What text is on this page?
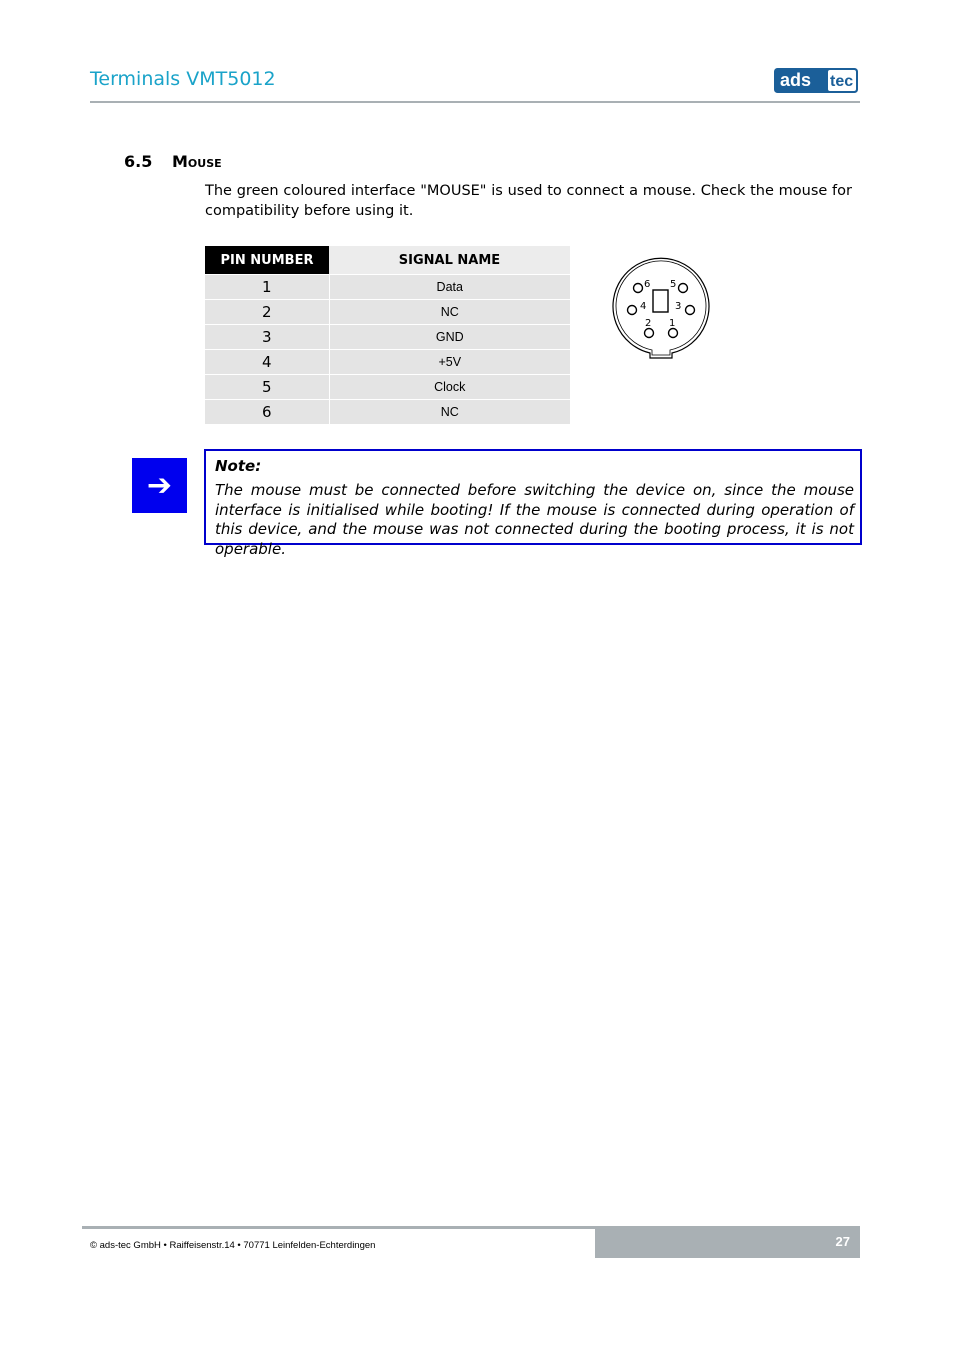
Terminals VMT5012	ads tec
6.5 Mouse
The green coloured interface "MOUSE" is used to connect a mouse. Check the mouse for compatibility before using it.
PIN NUMBER	SIGNAL NAME
1	Data
2	NC
3	GND
4	+5V
5	Clock
6	NC
6 5
4	3
2 1
➔
Note:
The mouse must be connected before switching the device on, since the mouse interface is initialised while booting! If the mouse is connected during operation of this device, and the mouse was not connected during the booting process, it is not operable.
© ads-tec GmbH • Raiffeisenstr.14 • 70771 Leinfelden-Echterdingen	27
